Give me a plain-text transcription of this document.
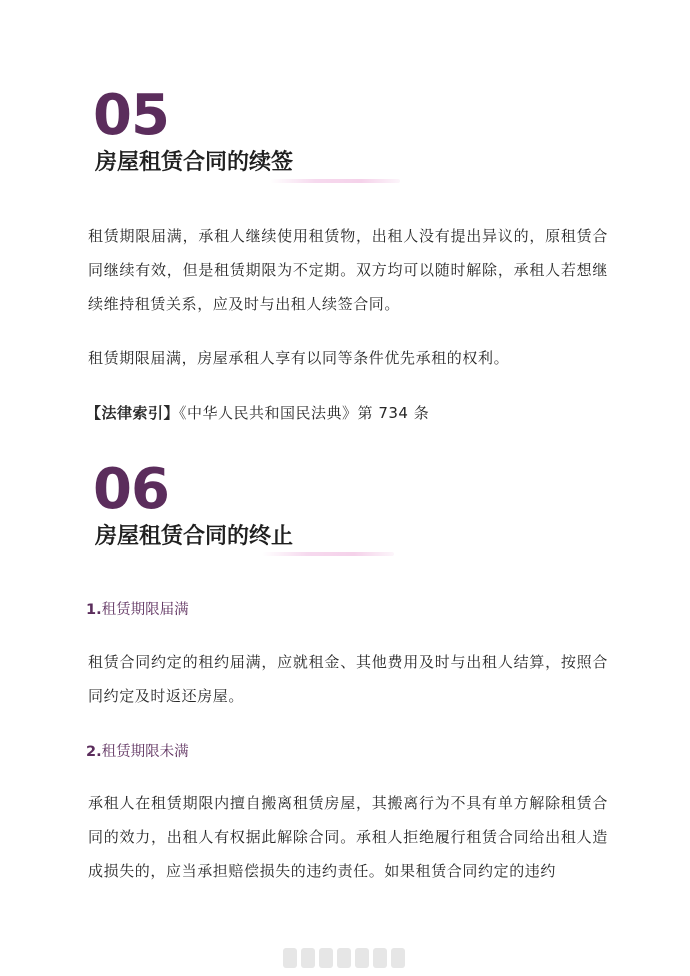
05
房屋租赁合同的续签

租赁期限届满，承租人继续使用租赁物，出租人没有提出异议的，原租赁合同继续有效，但是租赁期限为不定期。双方均可以随时解除，承租人若想继续维持租赁关系，应及时与出租人续签合同。

租赁期限届满，房屋承租人享有以同等条件优先承租的权利。

【法律索引】《中华人民共和国民法典》第 734 条
06
房屋租赁合同的终止
1.租赁期限届满

租赁合同约定的租约届满，应就租金、其他费用及时与出租人结算，按照合同约定及时返还房屋。

2.租赁期限未满

承租人在租赁期限内擅自搬离租赁房屋，其搬离行为不具有单方解除租赁合同的效力，出租人有权据此解除合同。承租人拒绝履行租赁合同给出租人造成损失的，应当承担赔偿损失的违约责任。如果租赁合同约定的违约
